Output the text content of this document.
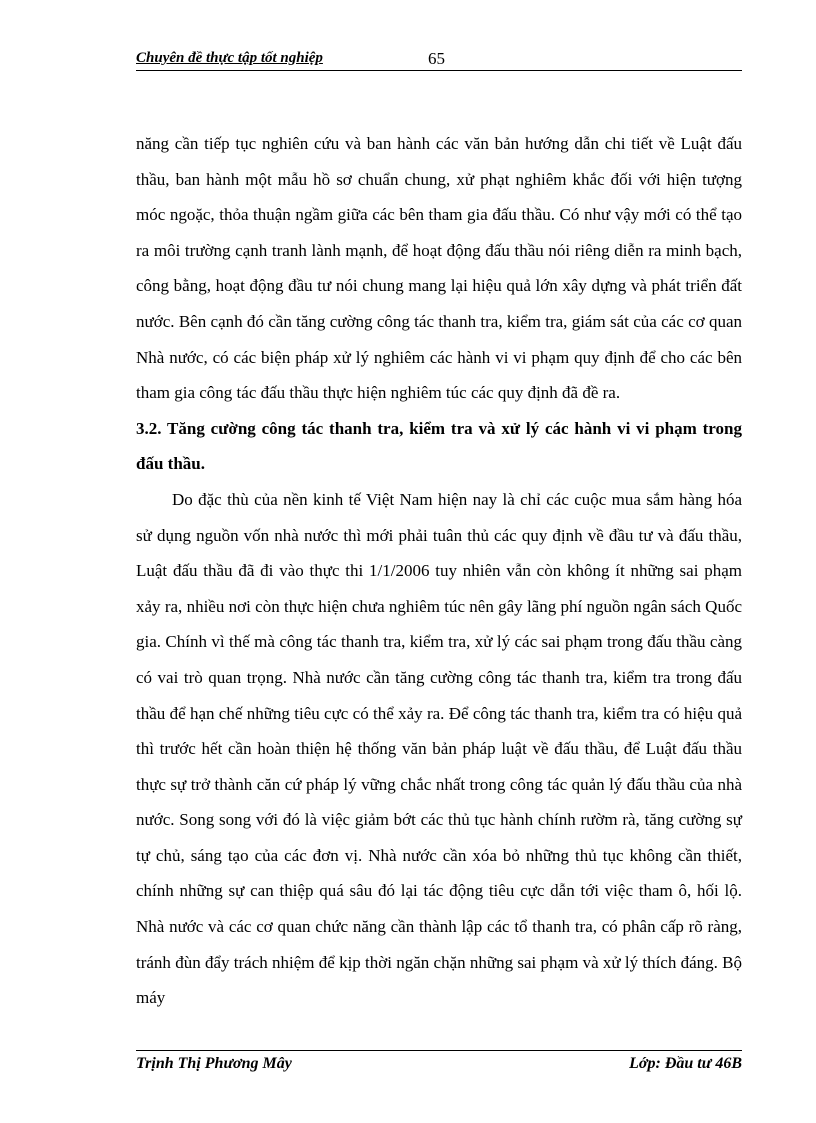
Chuyên đề thực tập tốt nghiệp	65

năng cần tiếp tục nghiên cứu và ban hành các văn bản hướng dẫn chi tiết về Luật đấu thầu, ban hành một mẫu hồ sơ chuẩn chung, xử phạt nghiêm khắc đối với hiện tượng móc ngoặc, thỏa thuận ngầm giữa các bên tham gia đấu thầu. Có như vậy mới có thể tạo ra môi trường cạnh tranh lành mạnh, để hoạt động đấu thầu nói riêng diễn ra minh bạch, công bằng, hoạt động đầu tư nói chung mang lại hiệu quả lớn xây dựng và phát triển đất nước. Bên cạnh đó cần tăng cường công tác thanh tra, kiểm tra, giám sát của các cơ quan Nhà nước, có các biện pháp xử lý nghiêm các hành vi vi phạm quy định để cho các bên tham gia công tác đấu thầu thực hiện nghiêm túc các quy định đã đề ra.

3.2. Tăng cường công tác thanh tra, kiểm tra và xử lý các hành vi vi phạm trong đấu thầu.

Do đặc thù của nền kinh tế Việt Nam hiện nay là chỉ các cuộc mua sắm hàng hóa sử dụng nguồn vốn nhà nước thì mới phải tuân thủ các quy định về đầu tư và đấu thầu, Luật đấu thầu đã đi vào thực thi 1/1/2006 tuy nhiên vẫn còn không ít những sai phạm xảy ra, nhiều nơi còn thực hiện chưa nghiêm túc nên gây lãng phí nguồn ngân sách Quốc gia. Chính vì thế mà công tác thanh tra, kiểm tra, xử lý các sai phạm trong đấu thầu càng có vai trò quan trọng. Nhà nước cần tăng cường công tác thanh tra, kiểm tra trong đấu thầu để hạn chế những tiêu cực có thể xảy ra. Để công tác thanh tra, kiểm tra có hiệu quả thì trước hết cần hoàn thiện hệ thống văn bản pháp luật về đấu thầu, để Luật đấu thầu thực sự trở thành căn cứ pháp lý vững chắc nhất trong công tác quản lý đấu thầu của nhà nước. Song song với đó là việc giảm bớt các thủ tục hành chính rườm rà, tăng cường sự tự chủ, sáng tạo của các đơn vị. Nhà nước cần xóa bỏ những thủ tục không cần thiết, chính những sự can thiệp quá sâu đó lại tác động tiêu cực dẫn tới việc tham ô, hối lộ. Nhà nước và các cơ quan chức năng cần thành lập các tổ thanh tra, có phân cấp rõ ràng, tránh đùn đẩy trách nhiệm để kịp thời ngăn chặn những sai phạm và xử lý thích đáng. Bộ máy

Trịnh Thị Phương Mây	Lớp: Đầu tư 46B
